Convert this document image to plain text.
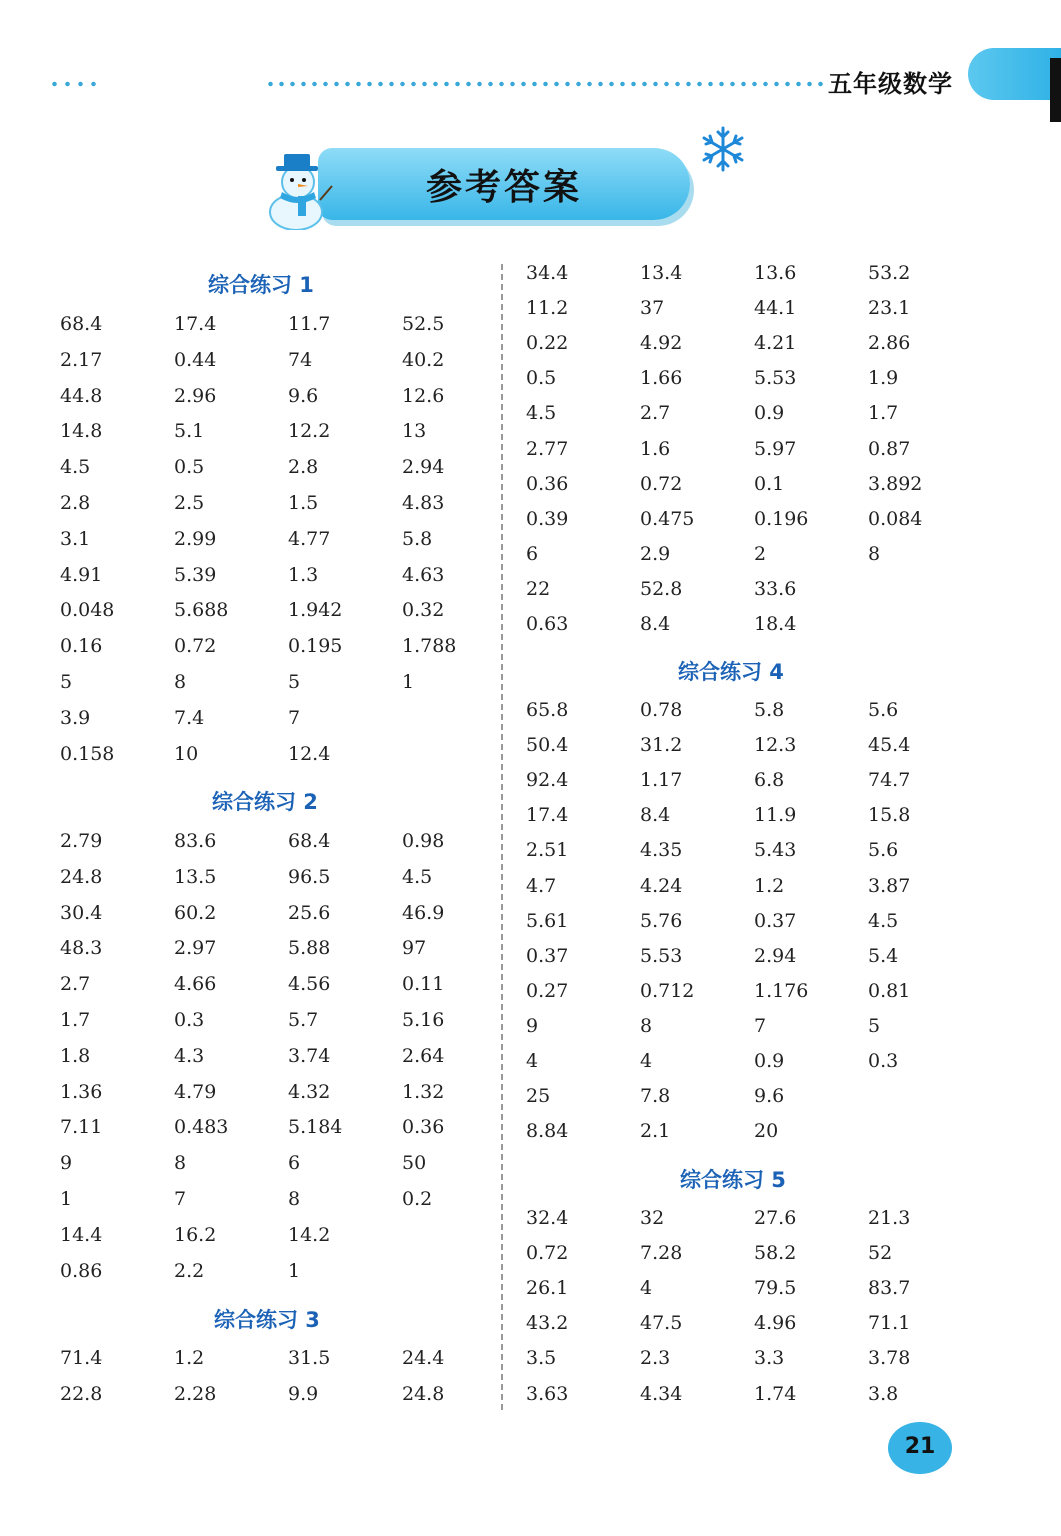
五年级数学
参考答案
综合练习 1
综合练习 2
综合练习 3
综合练习 4
综合练习 5
68.4	17.4	11.7	52.5
2.17	0.44	74	40.2
44.8	2.96	9.6	12.6
14.8	5.1	12.2	13
4.5	0.5	2.8	2.94
2.8	2.5	1.5	4.83
3.1	2.99	4.77	5.8
4.91	5.39	1.3	4.63
0.048	5.688	1.942	0.32
0.16	0.72	0.195	1.788
5	8	5	1
3.9	7.4	7
0.158	10	12.4
2.79	83.6	68.4	0.98
24.8	13.5	96.5	4.5
30.4	60.2	25.6	46.9
48.3	2.97	5.88	97
2.7	4.66	4.56	0.11
1.7	0.3	5.7	5.16
1.8	4.3	3.74	2.64
1.36	4.79	4.32	1.32
7.11	0.483	5.184	0.36
9	8	6	50
1	7	8	0.2
14.4	16.2	14.2
0.86	2.2	1
71.4	1.2	31.5	24.4
22.8	2.28	9.9	24.8
34.4	13.4	13.6	53.2
11.2	37	44.1	23.1
0.22	4.92	4.21	2.86
0.5	1.66	5.53	1.9
4.5	2.7	0.9	1.7
2.77	1.6	5.97	0.87
0.36	0.72	0.1	3.892
0.39	0.475	0.196	0.084
6	2.9	2	8
22	52.8	33.6
0.63	8.4	18.4
65.8	0.78	5.8	5.6
50.4	31.2	12.3	45.4
92.4	1.17	6.8	74.7
17.4	8.4	11.9	15.8
2.51	4.35	5.43	5.6
4.7	4.24	1.2	3.87
5.61	5.76	0.37	4.5
0.37	5.53	2.94	5.4
0.27	0.712	1.176	0.81
9	8	7	5
4	4	0.9	0.3
25	7.8	9.6
8.84	2.1	20
32.4	32	27.6	21.3
0.72	7.28	58.2	52
26.1	4	79.5	83.7
43.2	47.5	4.96	71.1
3.5	2.3	3.3	3.78
3.63	4.34	1.74	3.8
21
